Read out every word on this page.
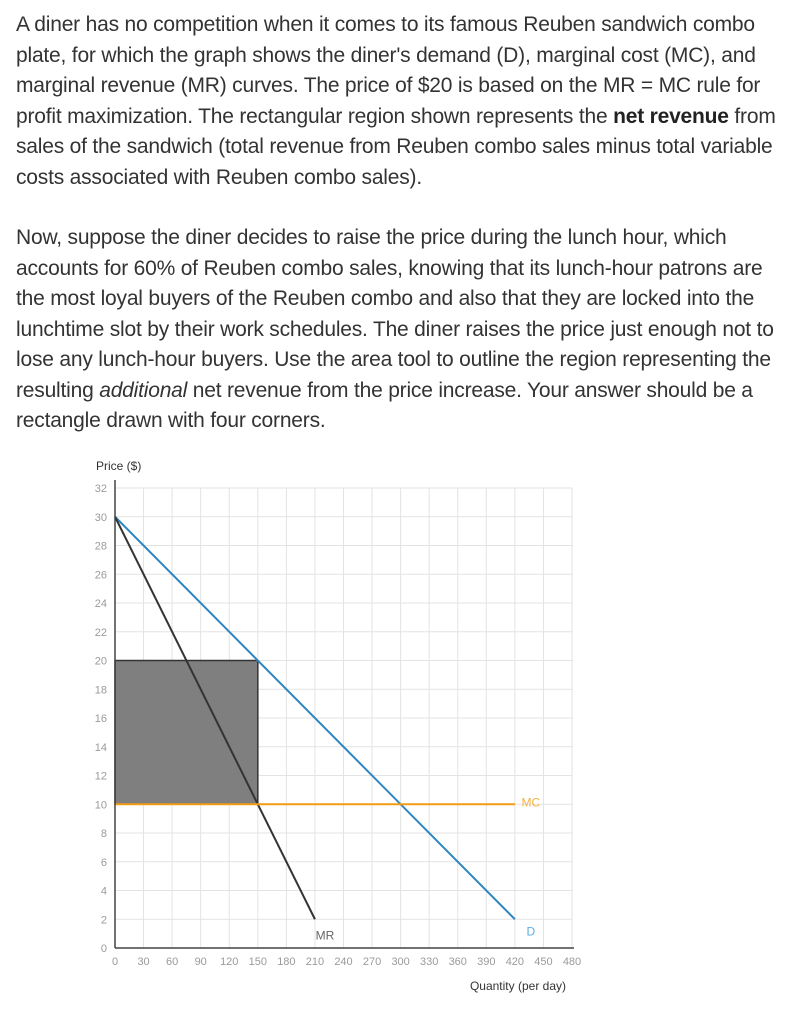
A diner has no competition when it comes to its famous Reuben sandwich combo plate, for which the graph shows the diner's demand (D), marginal cost (MC), and marginal revenue (MR) curves. The price of $20 is based on the MR = MC rule for profit maximization. The rectangular region shown represents the net revenue from sales of the sandwich (total revenue from Reuben combo sales minus total variable costs associated with Reuben combo sales).

Now, suppose the diner decides to raise the price during the lunch hour, which accounts for 60% of Reuben combo sales, knowing that its lunch-hour patrons are the most loyal buyers of the Reuben combo and also that they are locked into the lunchtime slot by their work schedules. The diner raises the price just enough not to lose any lunch-hour buyers. Use the area tool to outline the region representing the resulting additional net revenue from the price increase. Your answer should be a rectangle drawn with four corners.

Price ($)
Quantity (per day)
0
2
4
6
8
10
12
14
16
18
20
22
24
26
28
30
32
0 30 60 90 120 150 180 210 240 270 300 330 360 390 420 450 480
MC
D
MR
